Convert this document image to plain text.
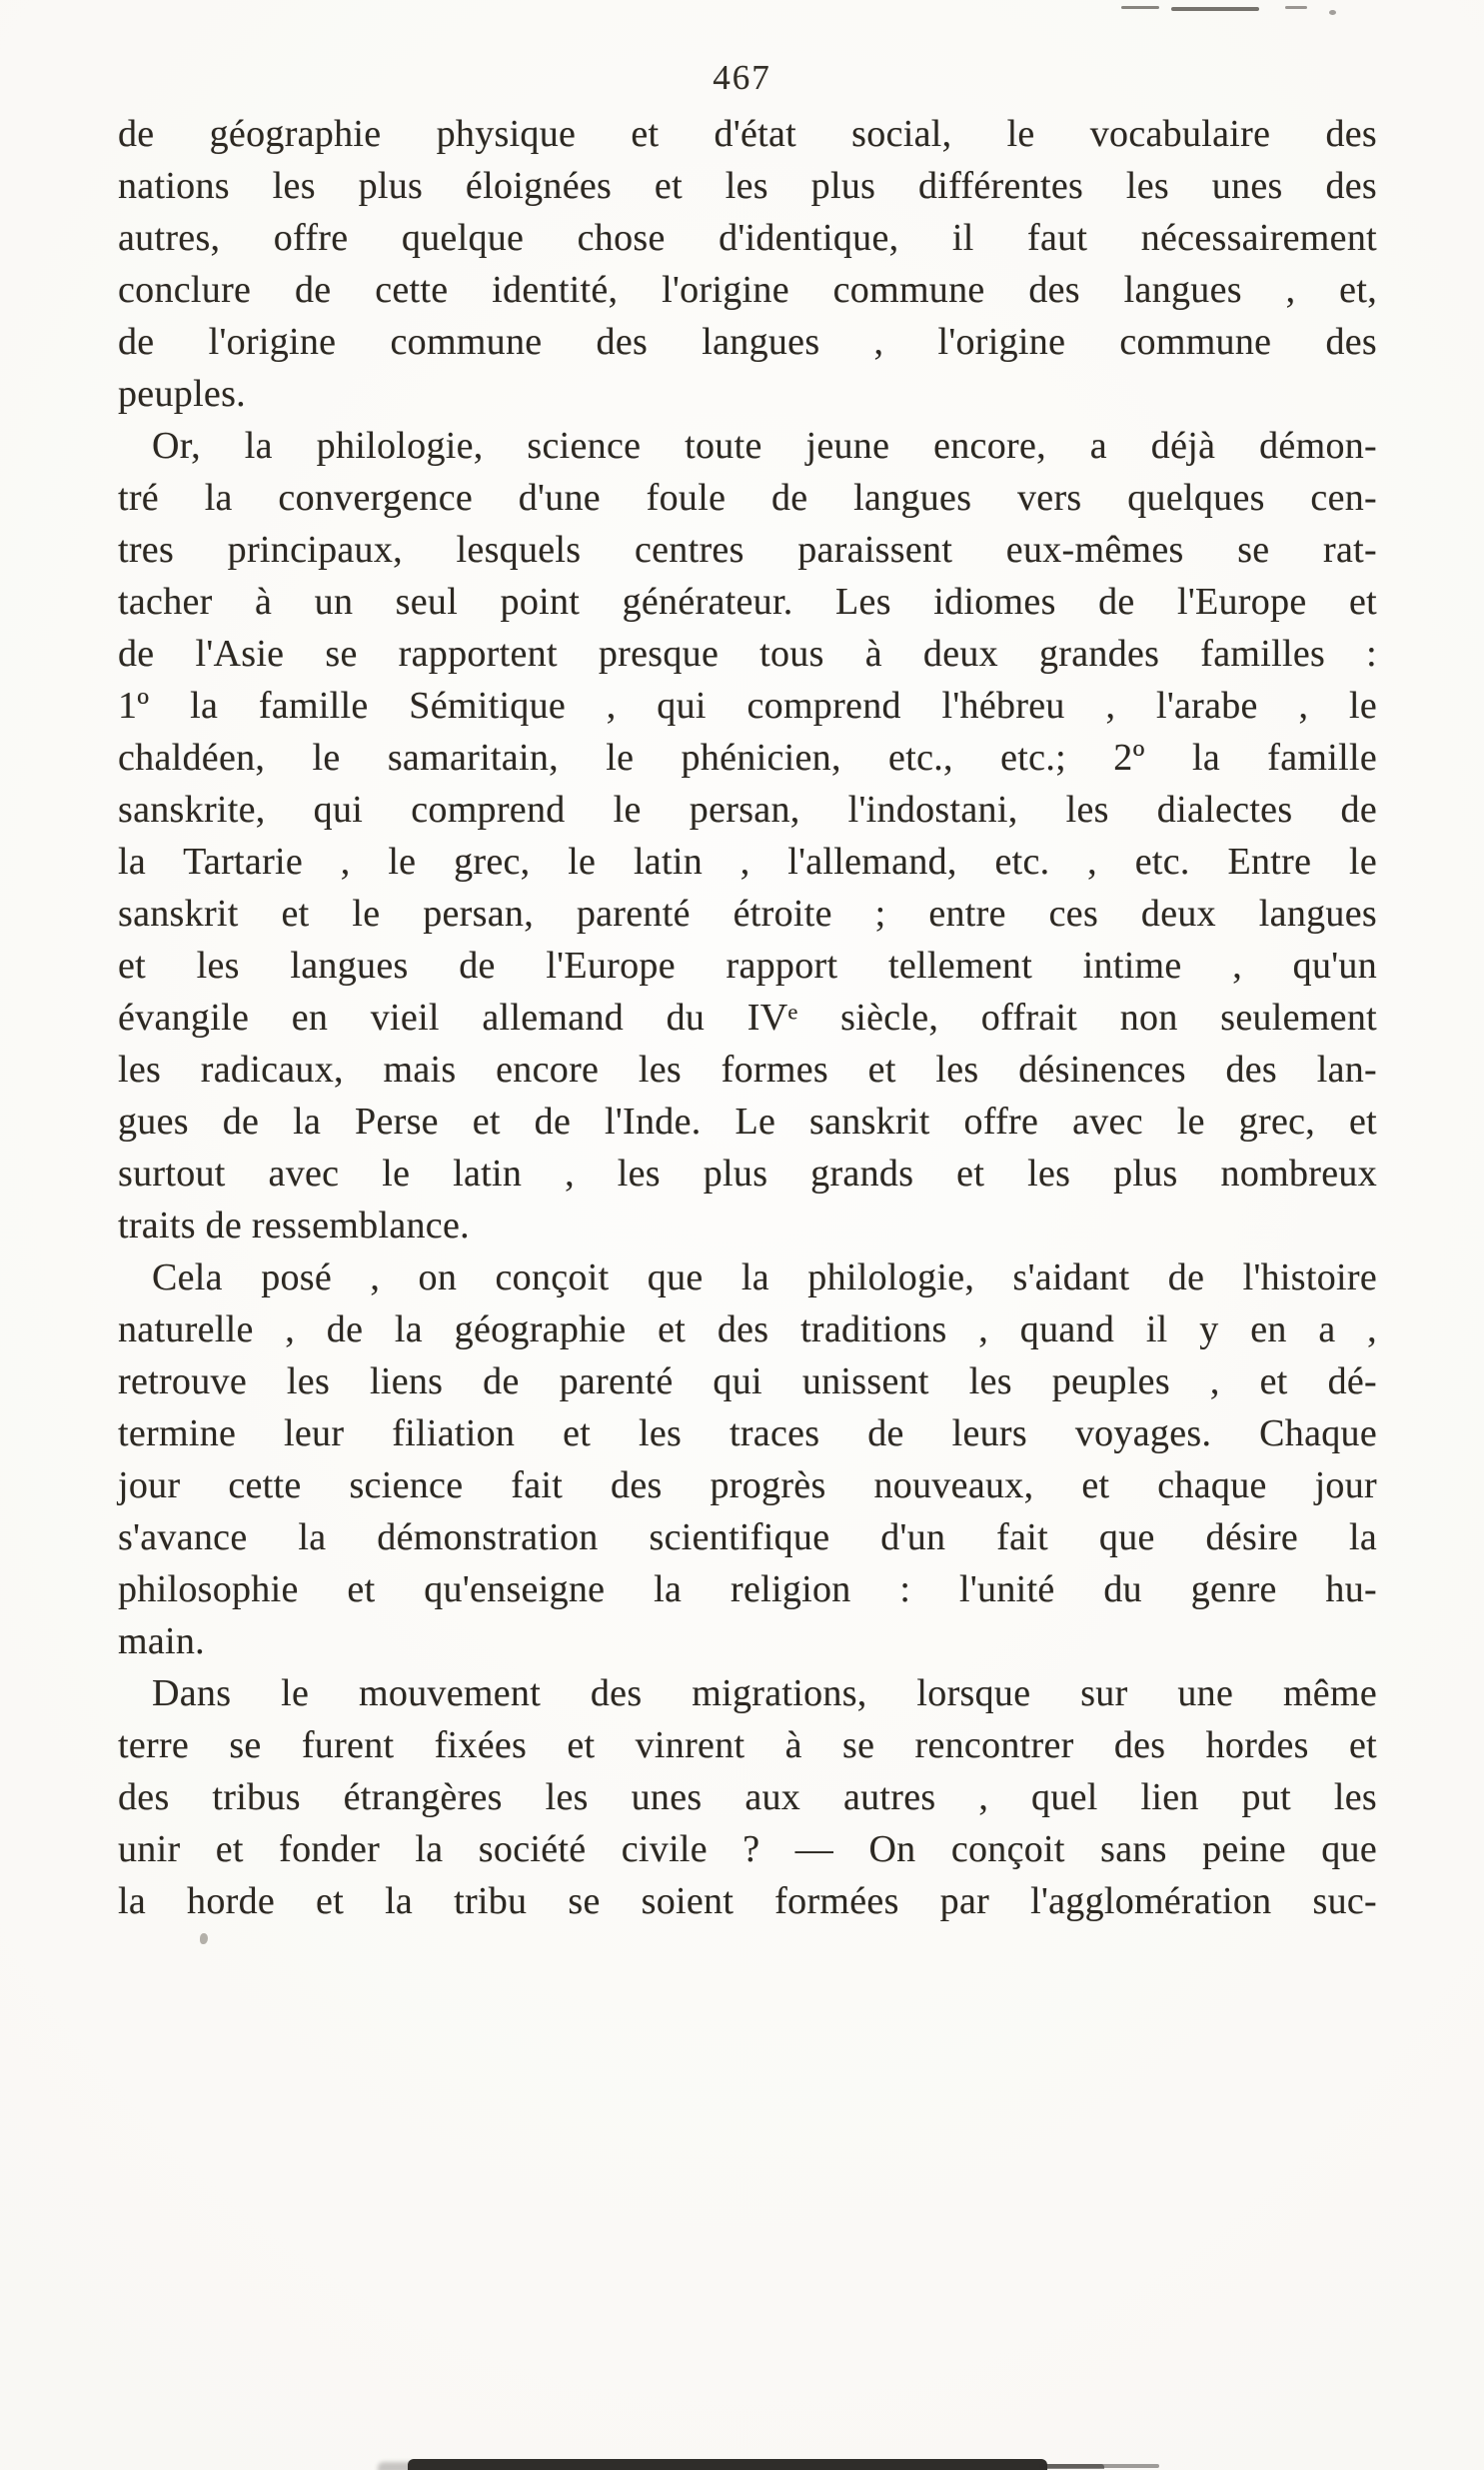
467
de géographie physique et d'état social, le vocabulaire des
nations les plus éloignées et les plus différentes les unes des
autres, offre quelque chose d'identique, il faut nécessairement
conclure de cette identité, l'origine commune des langues , et,
de l'origine commune des langues , l'origine commune des
peuples.
Or, la philologie, science toute jeune encore, a déjà démon-
tré la convergence d'une foule de langues vers quelques cen-
tres principaux, lesquels centres paraissent eux-mêmes se rat-
tacher à un seul point générateur. Les idiomes de l'Europe et
de l'Asie se rapportent presque tous à deux grandes familles :
1º la famille Sémitique , qui comprend l'hébreu , l'arabe , le
chaldéen, le samaritain, le phénicien, etc., etc.; 2º la famille
sanskrite, qui comprend le persan, l'indostani, les dialectes de
la Tartarie , le grec, le latin , l'allemand, etc. , etc. Entre le
sanskrit et le persan, parenté étroite ; entre ces deux langues
et les langues de l'Europe rapport tellement intime , qu'un
évangile en vieil allemand du IVᵉ siècle, offrait non seulement
les radicaux, mais encore les formes et les désinences des lan-
gues de la Perse et de l'Inde. Le sanskrit offre avec le grec, et
surtout avec le latin , les plus grands et les plus nombreux
traits de ressemblance.
Cela posé , on conçoit que la philologie, s'aidant de l'histoire
naturelle , de la géographie et des traditions , quand il y en a ,
retrouve les liens de parenté qui unissent les peuples , et dé-
termine leur filiation et les traces de leurs voyages. Chaque
jour cette science fait des progrès nouveaux, et chaque jour
s'avance la démonstration scientifique d'un fait que désire la
philosophie et qu'enseigne la religion : l'unité du genre hu-
main.
Dans le mouvement des migrations, lorsque sur une même
terre se furent fixées et vinrent à se rencontrer des hordes et
des tribus étrangères les unes aux autres , quel lien put les
unir et fonder la société civile ? — On conçoit sans peine que
la horde et la tribu se soient formées par l'agglomération suc-
